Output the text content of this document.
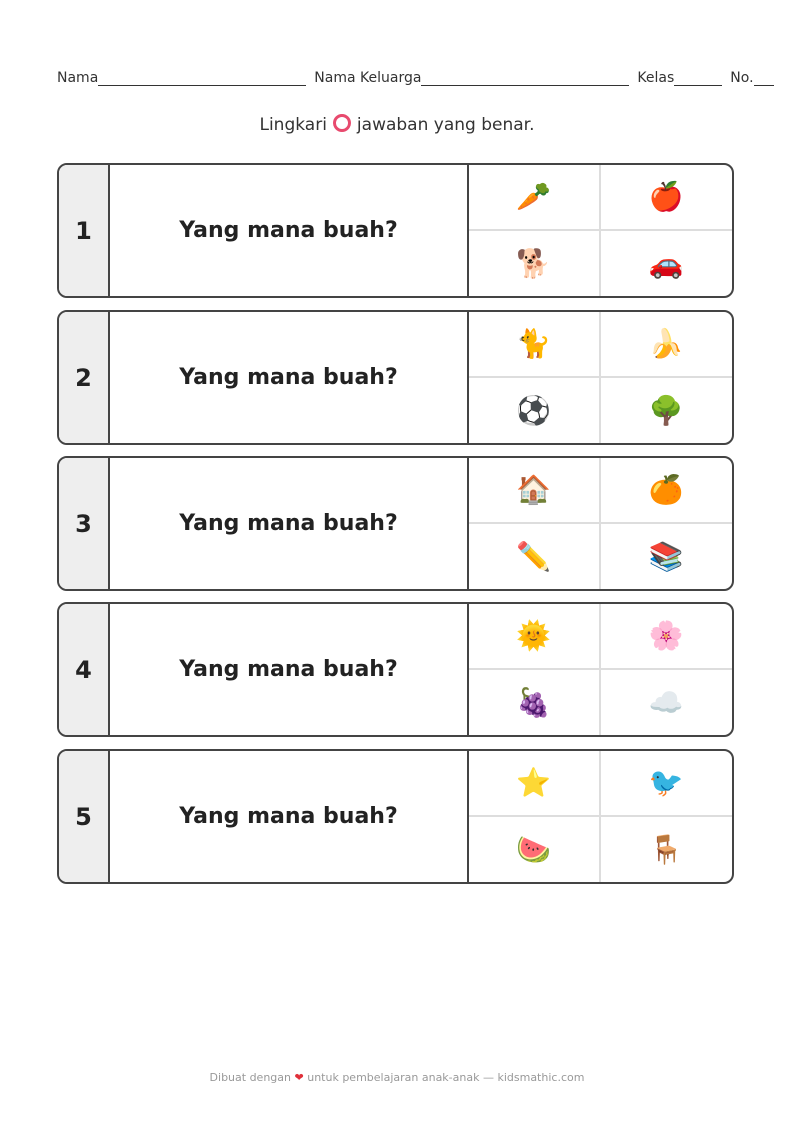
Nama	Nama Keluarga	Kelas	No.
Lingkari jawaban yang benar.
1	Yang mana buah?
🥕	🍎
🐕	🚗
2	Yang mana buah?
🐈	🍌
⚽	🌳
3	Yang mana buah?
🏠	🍊
✏️	📚
4	Yang mana buah?
🌞	🌸
🍇	☁️
5	Yang mana buah?
⭐	🐦
🍉	🪑
Dibuat dengan ❤ untuk pembelajaran anak-anak — kidsmathic.com
